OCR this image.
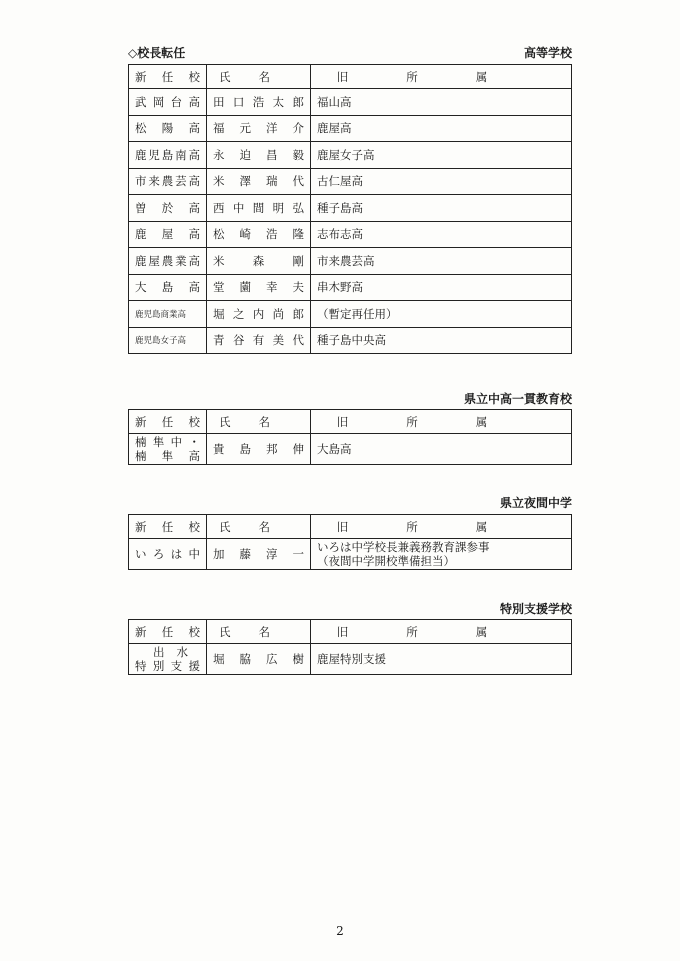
◇校長転任	高等学校
新任校	氏名	旧所属
武岡台高	田口浩太郎	福山高
松陽高	福元洋介	鹿屋高
鹿児島南高	永迫昌毅	鹿屋女子高
市来農芸高	米澤瑞代	古仁屋高
曽於高	西中間明弘	種子島高
鹿屋高	松崎浩隆	志布志高
鹿屋農業高	米森剛	市来農芸高
大島高	堂薗幸夫	串木野高
鹿児島商業高	堀之内尚郎	（暫定再任用）
鹿児島女子高	青谷有美代	種子島中央高
県立中高一貫教育校
新任校	氏名	旧所属

楠隼中・
楠隼高	貴島邦伸	大島高
県立夜間中学
新任校	氏名	旧所属
いろは中	加藤淳一	いろは中学校長兼義務教育課参事
（夜間中学開校準備担当）
特別支援学校
新任校	氏名	旧所属

出水
特別支援	堀脇広樹	鹿屋特別支援
2
